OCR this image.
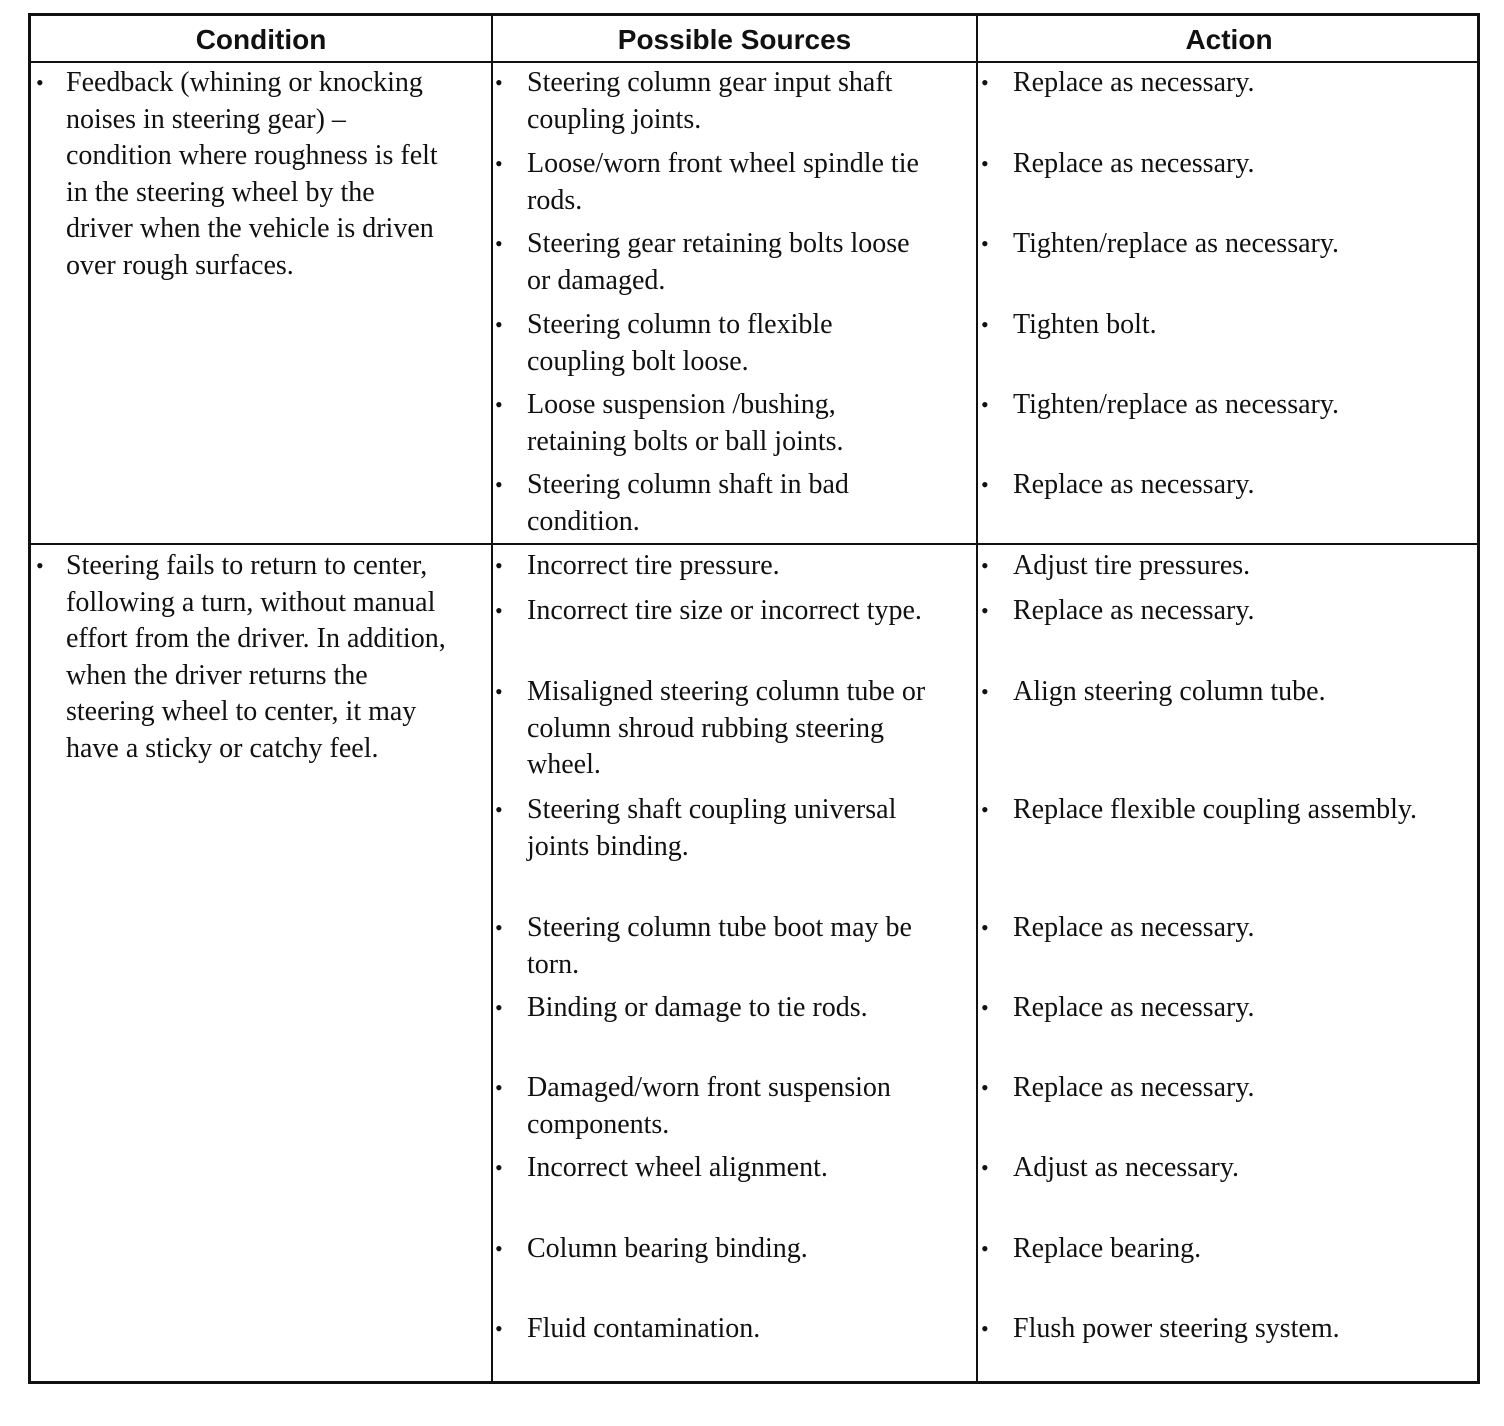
Condition	Possible Sources	Action
• Feedback (whining or knocking noises in steering gear) – condition where roughness is felt in the steering wheel by the driver when the vehicle is driven over rough surfaces.
• Steering column gear input shaft coupling joints.
• Loose/worn front wheel spindle tie rods.
• Steering gear retaining bolts loose or damaged.
• Steering column to flexible coupling bolt loose.
• Loose suspension /bushing, retaining bolts or ball joints.
• Steering column shaft in bad condition.
• Replace as necessary.
• Replace as necessary.
• Tighten/replace as necessary.
• Tighten bolt.
• Tighten/replace as necessary.
• Replace as necessary.
• Steering fails to return to center, following a turn, without manual effort from the driver. In addition, when the driver returns the steering wheel to center, it may have a sticky or catchy feel.
• Incorrect tire pressure.
• Incorrect tire size or incorrect type.
• Misaligned steering column tube or column shroud rubbing steering wheel.
• Steering shaft coupling universal joints binding.
• Steering column tube boot may be torn.
• Binding or damage to tie rods.
• Damaged/worn front suspension components.
• Incorrect wheel alignment.
• Column bearing binding.
• Fluid contamination.
• Adjust tire pressures.
• Replace as necessary.
• Align steering column tube.
• Replace flexible coupling assembly.
• Replace as necessary.
• Replace as necessary.
• Replace as necessary.
• Adjust as necessary.
• Replace bearing.
• Flush power steering system.
